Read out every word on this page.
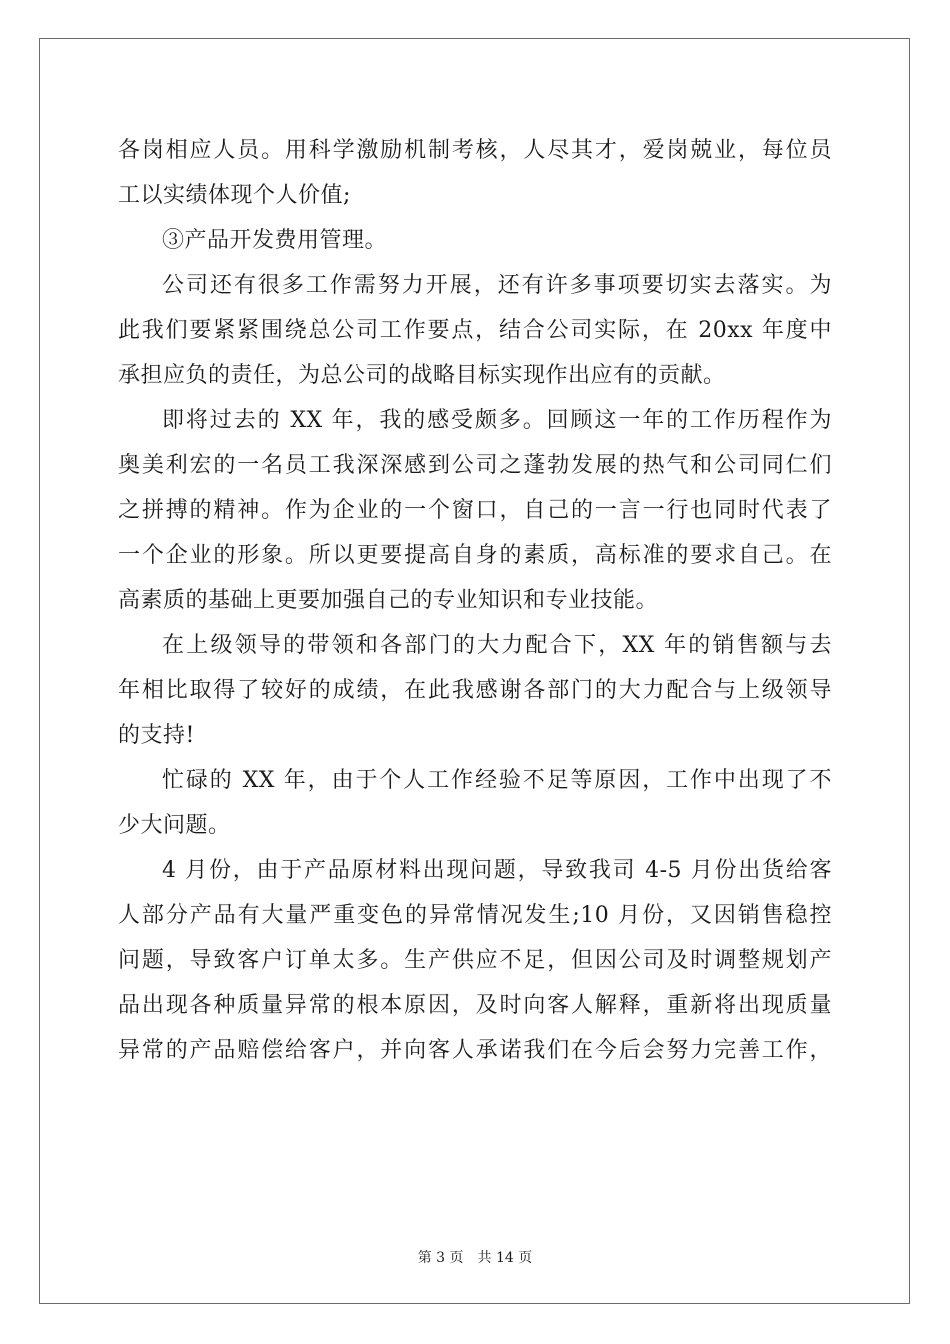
各岗相应人员。用科学激励机制考核，人尽其才，爱岗兢业，每位员
工以实绩体现个人价值;
③产品开发费用管理。
公司还有很多工作需努力开展，还有许多事项要切实去落实。为
此我们要紧紧围绕总公司工作要点，结合公司实际，在 20xx 年度中
承担应负的责任，为总公司的战略目标实现作出应有的贡献。
即将过去的 XX 年，我的感受颇多。回顾这一年的工作历程作为
奥美利宏的一名员工我深深感到公司之蓬勃发展的热气和公司同仁们
之拼搏的精神。作为企业的一个窗口，自己的一言一行也同时代表了
一个企业的形象。所以更要提高自身的素质，高标准的要求自己。在
高素质的基础上更要加强自己的专业知识和专业技能。
在上级领导的带领和各部门的大力配合下，XX 年的销售额与去
年相比取得了较好的成绩，在此我感谢各部门的大力配合与上级领导
的支持!
忙碌的 XX 年，由于个人工作经验不足等原因，工作中出现了不
少大问题。
4 月份，由于产品原材料出现问题，导致我司 4-5 月份出货给客
人部分产品有大量严重变色的异常情况发生;10 月份，又因销售稳控
问题，导致客户订单太多。生产供应不足，但因公司及时调整规划产
品出现各种质量异常的根本原因，及时向客人解释，重新将出现质量
异常的产品赔偿给客户，并向客人承诺我们在今后会努力完善工作，
第 3 页 共 14 页
